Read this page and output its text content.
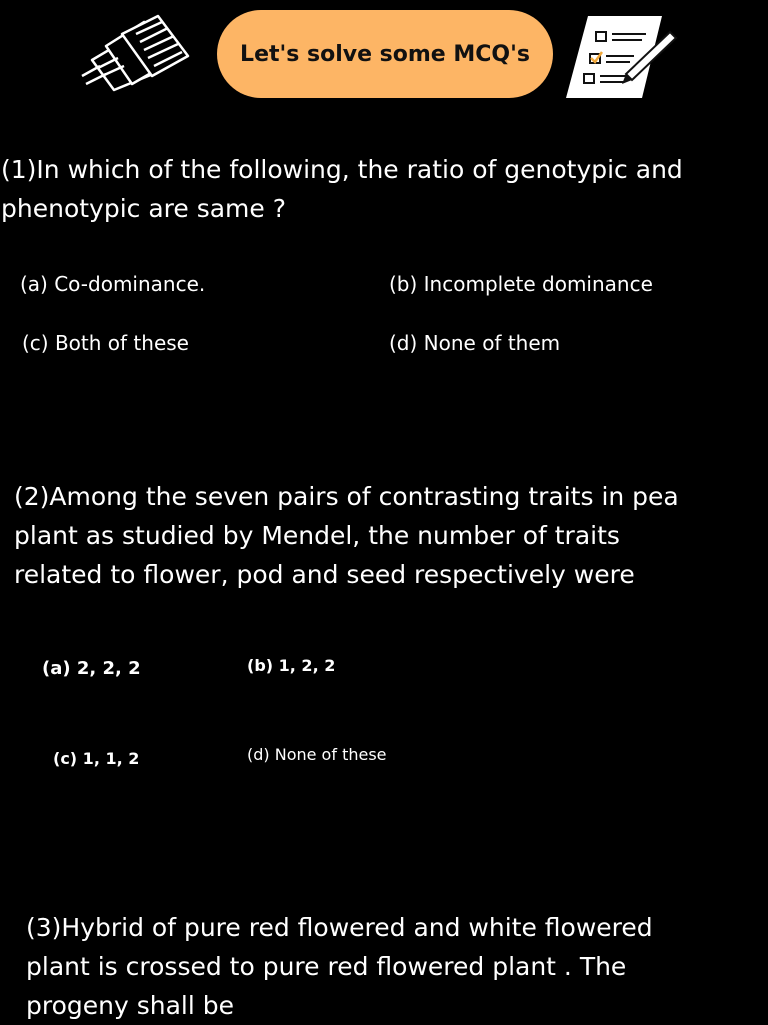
Let's solve some MCQ's
(1)In which of the following, the ratio of genotypic and
phenotypic are same ?
(a) Co-dominance.	(b) Incomplete dominance
(c) Both of these	(d) None of them
(2)Among the seven pairs of contrasting traits in pea
plant as studied by Mendel, the number of traits
related to flower, pod and seed respectively were
(a) 2, 2, 2	(b) 1, 2, 2
(c) 1, 1, 2	(d) None of these
(3)Hybrid of pure red flowered and white flowered
plant is crossed to pure red flowered plant . The
progeny shall be
